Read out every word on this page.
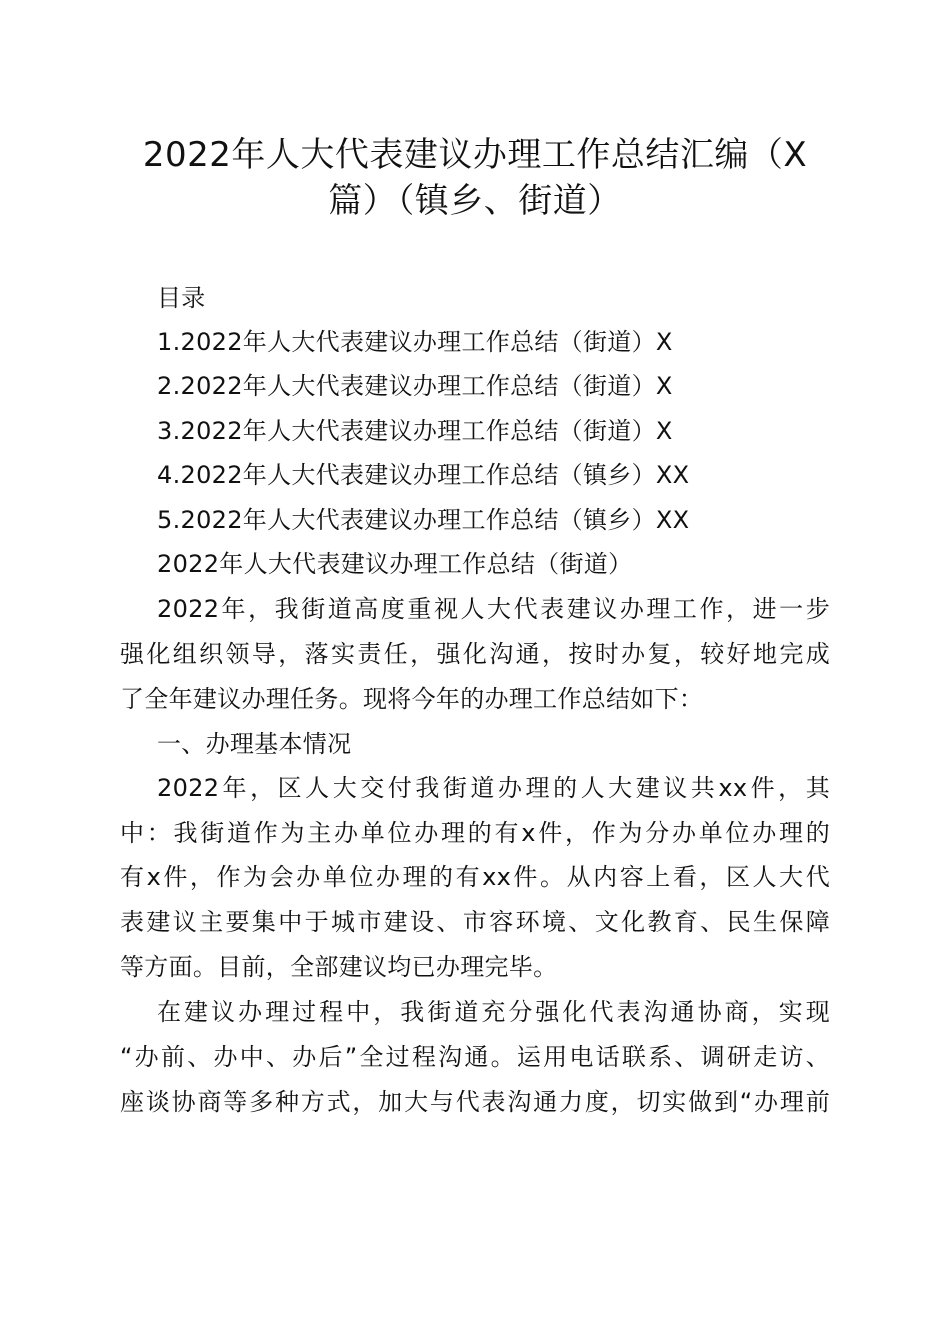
2022年人大代表建议办理工作总结汇编（X
篇）（镇乡、街道）

目录

1.2022年人大代表建议办理工作总结（街道）X

2.2022年人大代表建议办理工作总结（街道）X

3.2022年人大代表建议办理工作总结（街道）X

4.2022年人大代表建议办理工作总结（镇乡）XX

5.2022年人大代表建议办理工作总结（镇乡）XX

2022年人大代表建议办理工作总结（街道）

2022年，我街道高度重视人大代表建议办理工作，进一步

强化组织领导，落实责任，强化沟通，按时办复，较好地完成

了全年建议办理任务。现将今年的办理工作总结如下：

一、办理基本情况

2022年，区人大交付我街道办理的人大建议共xx件，其

中：我街道作为主办单位办理的有x件，作为分办单位办理的

有x件，作为会办单位办理的有xx件。从内容上看，区人大代

表建议主要集中于城市建设、市容环境、文化教育、民生保障

等方面。目前，全部建议均已办理完毕。

在建议办理过程中，我街道充分强化代表沟通协商，实现

“办前、办中、办后”全过程沟通。运用电话联系、调研走访、

座谈协商等多种方式，加大与代表沟通力度，切实做到“办理前
